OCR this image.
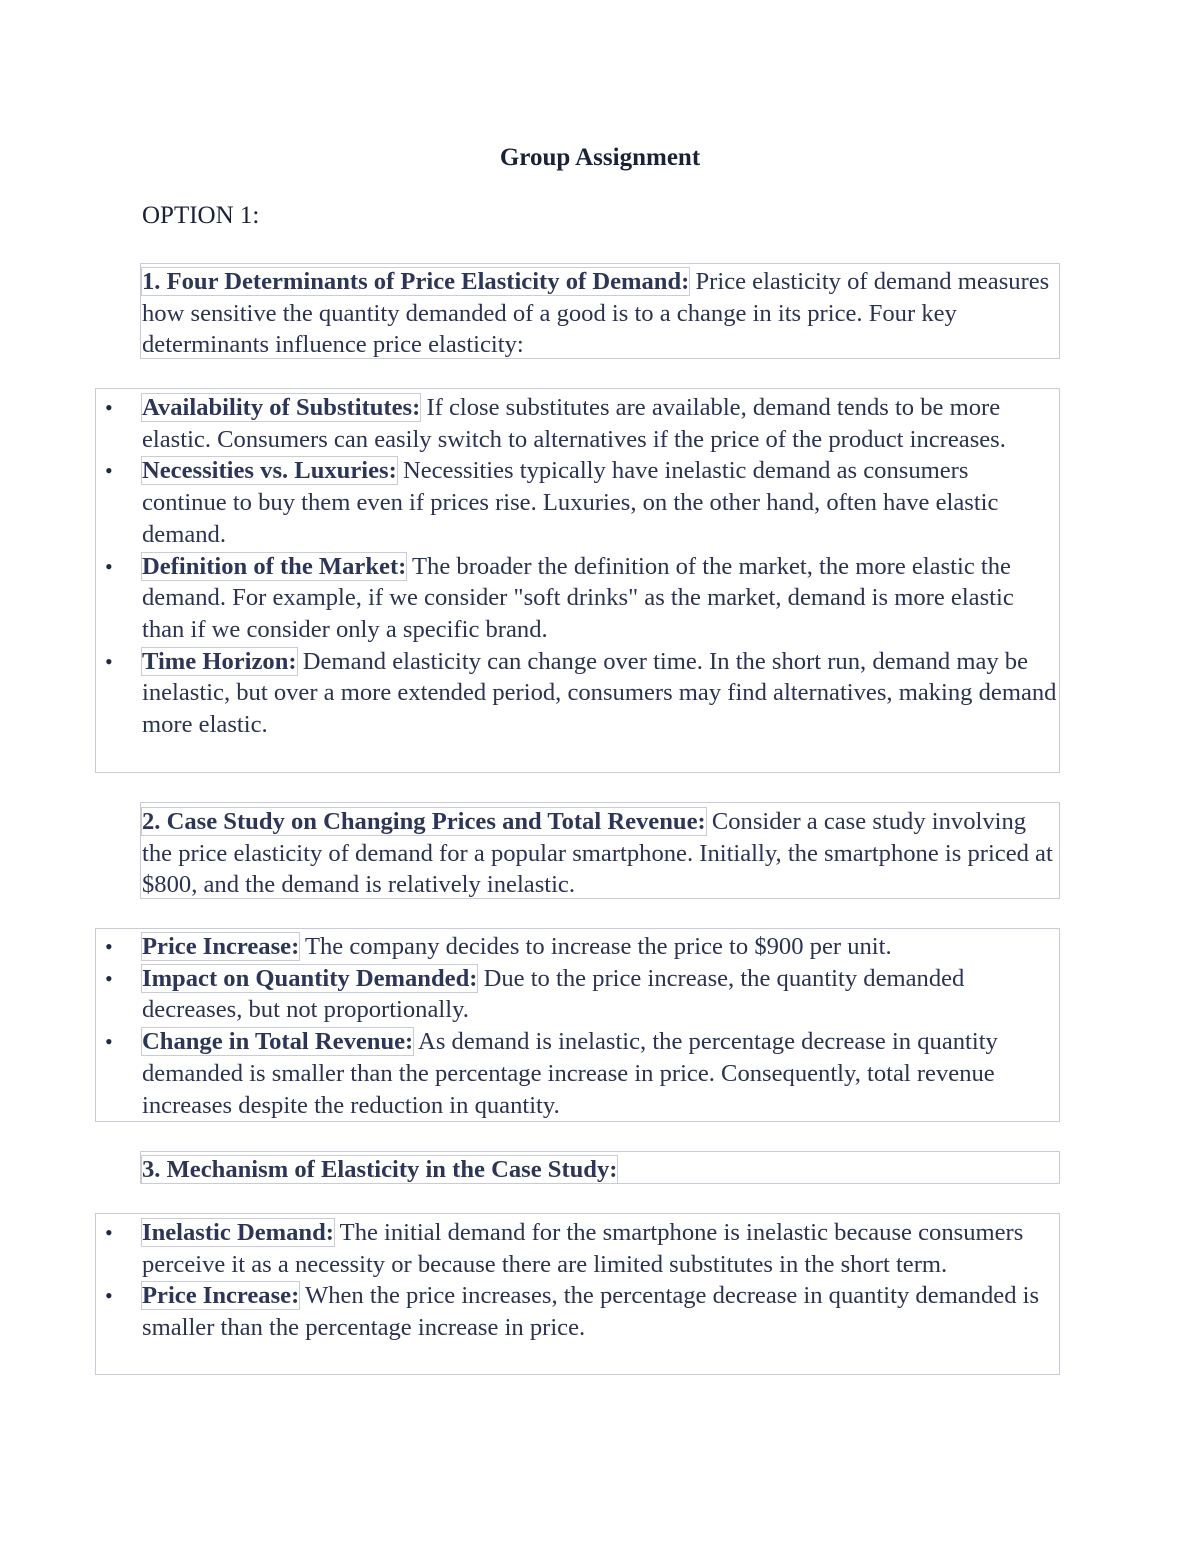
Group Assignment
OPTION 1:

1. Four Determinants of Price Elasticity of Demand: Price elasticity of demand measures how sensitive the quantity demanded of a good is to a change in its price. Four key determinants influence price elasticity:

• Availability of Substitutes: If close substitutes are available, demand tends to be more elastic. Consumers can easily switch to alternatives if the price of the product increases.
• Necessities vs. Luxuries: Necessities typically have inelastic demand as consumers continue to buy them even if prices rise. Luxuries, on the other hand, often have elastic demand.
• Definition of the Market: The broader the definition of the market, the more elastic the demand. For example, if we consider "soft drinks" as the market, demand is more elastic than if we consider only a specific brand.
• Time Horizon: Demand elasticity can change over time. In the short run, demand may be inelastic, but over a more extended period, consumers may find alternatives, making demand more elastic.

2. Case Study on Changing Prices and Total Revenue: Consider a case study involving the price elasticity of demand for a popular smartphone. Initially, the smartphone is priced at $800, and the demand is relatively inelastic.

• Price Increase: The company decides to increase the price to $900 per unit.
• Impact on Quantity Demanded: Due to the price increase, the quantity demanded decreases, but not proportionally.
• Change in Total Revenue: As demand is inelastic, the percentage decrease in quantity demanded is smaller than the percentage increase in price. Consequently, total revenue increases despite the reduction in quantity.

3. Mechanism of Elasticity in the Case Study:

• Inelastic Demand: The initial demand for the smartphone is inelastic because consumers perceive it as a necessity or because there are limited substitutes in the short term.
• Price Increase: When the price increases, the percentage decrease in quantity demanded is smaller than the percentage increase in price.
